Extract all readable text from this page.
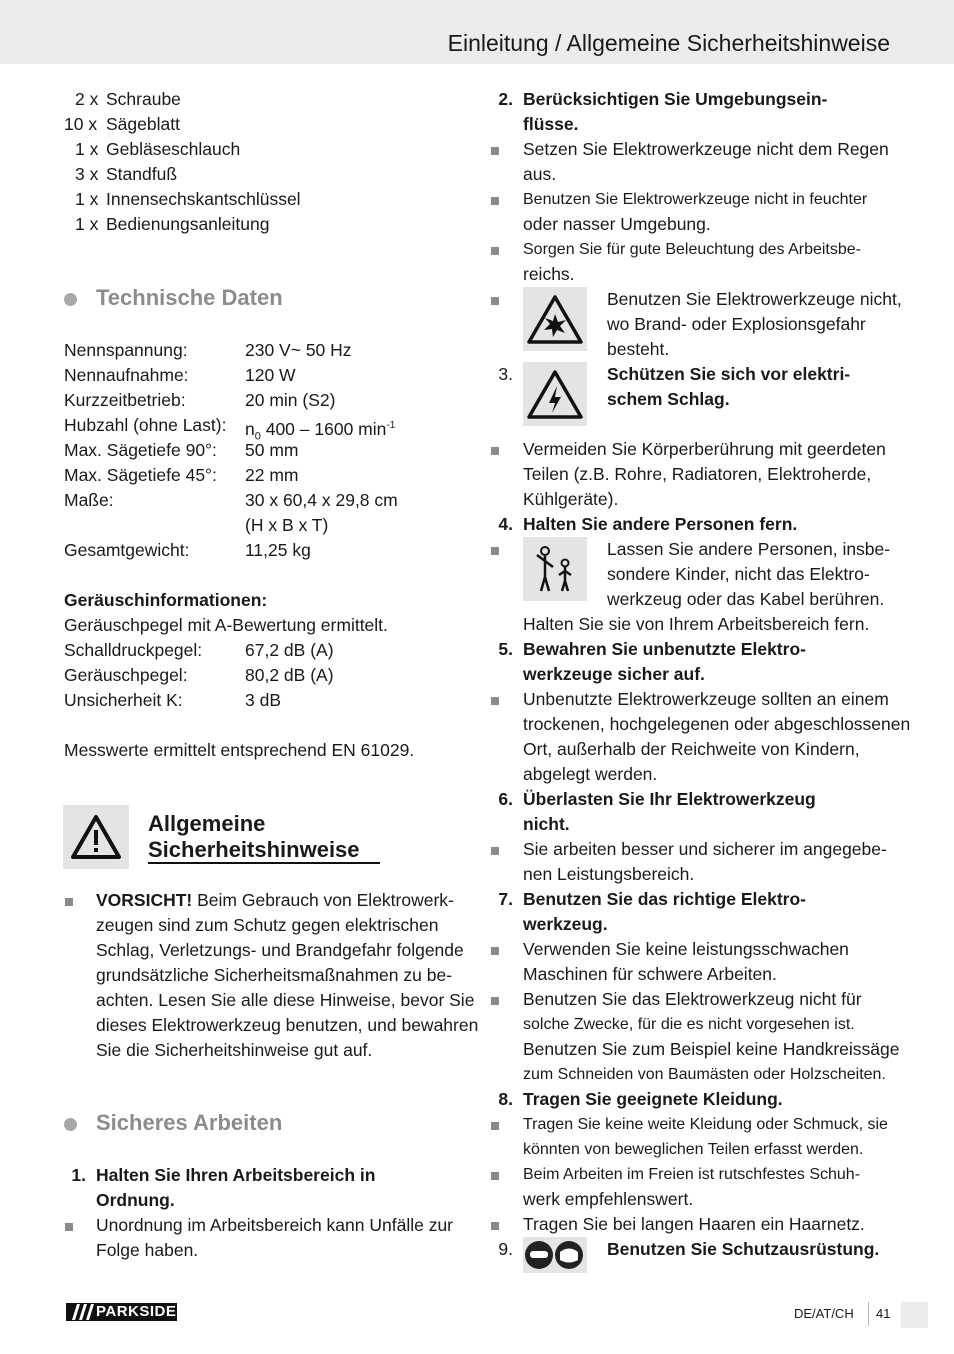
Einleitung / Allgemeine Sicherheitshinweise
2 x Schraube
10 x Sägeblatt
1 x Gebläseschlauch
3 x Standfuß
1 x Innensechskantschlüssel
1 x Bedienungsanleitung
Technische Daten
Nennspannung:	230 V~ 50 Hz
Nennaufnahme:	120 W
Kurzzeitbetrieb:	20 min (S2)
Hubzahl (ohne Last): $n_0$ 400 – 1600 $\min^{-1}$
Max. Sägetiefe 90°: 50 mm
Max. Sägetiefe 45°: 22 mm
Maße:	30 x 60,4 x 29,8 cm
(H x B x T)
Gesamtgewicht:	11,25 kg
Geräuschinformationen:
Geräuschpegel mit A-Bewertung ermittelt.
Schalldruckpegel: 67,2 dB (A)
Geräuschpegel:	80,2 dB (A)
Unsicherheit K:	3 dB
Messwerte ermittelt entsprechend EN 61029.
Allgemeine
Sicherheitshinweise
VORSICHT! Beim Gebrauch von Elektrowerk-
zeugen sind zum Schutz gegen elektrischen
Schlag, Verletzungs- und Brandgefahr folgende
grundsätzliche Sicherheitsmaßnahmen zu be-
achten. Lesen Sie alle diese Hinweise, bevor Sie
dieses Elektrowerkzeug benutzen, und bewahren
Sie die Sicherheitshinweise gut auf.
Sicheres Arbeiten
1. Halten Sie Ihren Arbeitsbereich in
Ordnung.
Unordnung im Arbeitsbereich kann Unfälle zur
Folge haben.
2. Berücksichtigen Sie Umgebungsein-
flüsse.
Setzen Sie Elektrowerkzeuge nicht dem Regen
aus.
Benutzen Sie Elektrowerkzeuge nicht in feuchter
oder nasser Umgebung.
Sorgen Sie für gute Beleuchtung des Arbeitsbe-
reichs.
Benutzen Sie Elektrowerkzeuge nicht,
wo Brand- oder Explosionsgefahr
besteht.
3.	Schützen Sie sich vor elektri-
schem Schlag.
Vermeiden Sie Körperberührung mit geerdeten
Teilen (z.B. Rohre, Radiatoren, Elektroherde,
Kühlgeräte).
4. Halten Sie andere Personen fern.
Lassen Sie andere Personen, insbe-
sondere Kinder, nicht das Elektro-
werkzeug oder das Kabel berühren.
Halten Sie sie von Ihrem Arbeitsbereich fern.
5. Bewahren Sie unbenutzte Elektro-
werkzeuge sicher auf.
Unbenutzte Elektrowerkzeuge sollten an einem
trockenen, hochgelegenen oder abgeschlossenen
Ort, außerhalb der Reichweite von Kindern,
abgelegt werden.
6. Überlasten Sie Ihr Elektrowerkzeug
nicht.
Sie arbeiten besser und sicherer im angegebe-
nen Leistungsbereich.
7. Benutzen Sie das richtige Elektro-
werkzeug.
Verwenden Sie keine leistungsschwachen
Maschinen für schwere Arbeiten.
Benutzen Sie das Elektrowerkzeug nicht für
solche Zwecke, für die es nicht vorgesehen ist.
Benutzen Sie zum Beispiel keine Handkreissäge
zum Schneiden von Baumästen oder Holzscheiten.
8. Tragen Sie geeignete Kleidung.
Tragen Sie keine weite Kleidung oder Schmuck, sie
könnten von beweglichen Teilen erfasst werden.
Beim Arbeiten im Freien ist rutschfestes Schuh-
werk empfehlenswert.
Tragen Sie bei langen Haaren ein Haarnetz.
9.	Benutzen Sie Schutzausrüstung.
PARKSIDE	DE/AT/CH 41
